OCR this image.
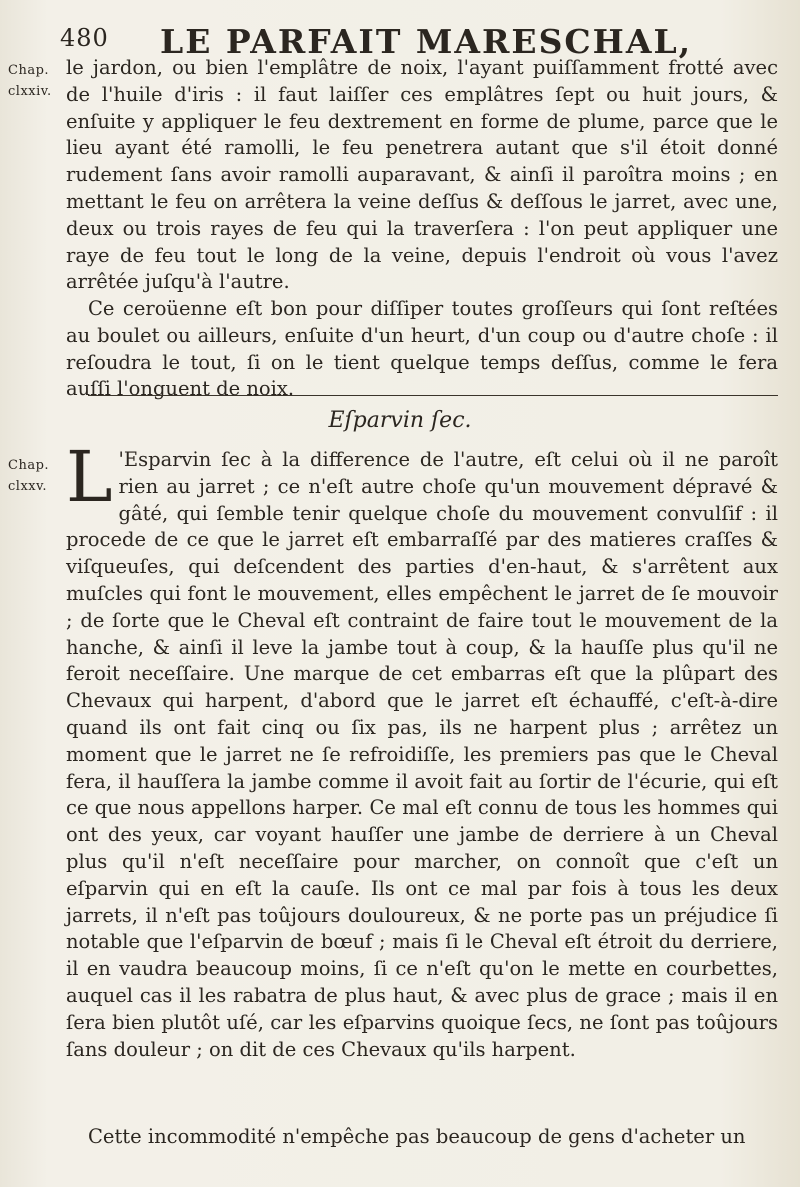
480 LE PARFAIT MARESCHAL,
Chap. clxxiv.

le jardon, ou bien l'emplâtre de noix, l'ayant puiſſamment frotté avec de l'huile d'iris : il faut laiſſer ces emplâtres ſept ou huit jours, & enſuite y appliquer le feu dextrement en forme de plume, parce que le lieu ayant été ramolli, le feu penetrera autant que s'il étoit donné rudement ſans avoir ramolli auparavant, & ainſi il paroîtra moins ; en mettant le feu on arrêtera la veine deſſus & deſſous le jarret, avec une, deux ou trois rayes de feu qui la traverſera : l'on peut appliquer une raye de feu tout le long de la veine, depuis l'endroit où vous l'avez arrêtée juſqu'à l'autre.

Ce ceroüenne eſt bon pour diſſiper toutes groſſeurs qui ſont reſtées au boulet ou ailleurs, enſuite d'un heurt, d'un coup ou d'autre choſe : il reſoudra le tout, ſi on le tient quelque temps deſſus, comme le fera auſſi l'onguent de noix.

Eſparvin ſec.
Chap. clxxv. L 'Esparvin ſec à la difference de l'autre, eſt celui où il ne paroît rien au jarret ; ce n'eſt autre choſe qu'un mouvement dépravé & gâté, qui ſemble tenir quelque choſe du mouvement convulſif : il procede de ce que le jarret eſt embarraſſé par des matieres craſſes & viſqueuſes, qui deſcendent des parties d'en-haut, & s'arrêtent aux muſcles qui font le mouvement, elles empêchent le jarret de ſe mouvoir ; de ſorte que le Cheval eſt contraint de faire tout le mouvement de la hanche, & ainſi il leve la jambe tout à coup, & la hauſſe plus qu'il ne feroit neceſſaire. Une marque de cet embarras eſt que la plûpart des Chevaux qui harpent, d'abord que le jarret eſt échauffé, c'eſt-à-dire quand ils ont fait cinq ou ſix pas, ils ne harpent plus ; arrêtez un moment que le jarret ne ſe refroidiſſe, les premiers pas que le Cheval fera, il hauſſera la jambe comme il avoit fait au ſortir de l'écurie, qui eſt ce que nous appellons harper. Ce mal eſt connu de tous les hommes qui ont des yeux, car voyant hauſſer une jambe de derriere à un Cheval plus qu'il n'eſt neceſſaire pour marcher, on connoît que c'eſt un eſparvin qui en eſt la cauſe. Ils ont ce mal par fois à tous les deux jarrets, il n'eſt pas toûjours douloureux, & ne porte pas un préjudice ſi notable que l'eſparvin de bœuf ; mais ſi le Cheval eſt étroit du derriere, il en vaudra beaucoup moins, ſi ce n'eſt qu'on le mette en courbettes, auquel cas il les rabatra de plus haut, & avec plus de grace ; mais il en ſera bien plutôt uſé, car les eſparvins quoique ſecs, ne ſont pas toûjours ſans douleur ; on dit de ces Chevaux qu'ils harpent.

Cette incommodité n'empêche pas beaucoup de gens d'acheter un
